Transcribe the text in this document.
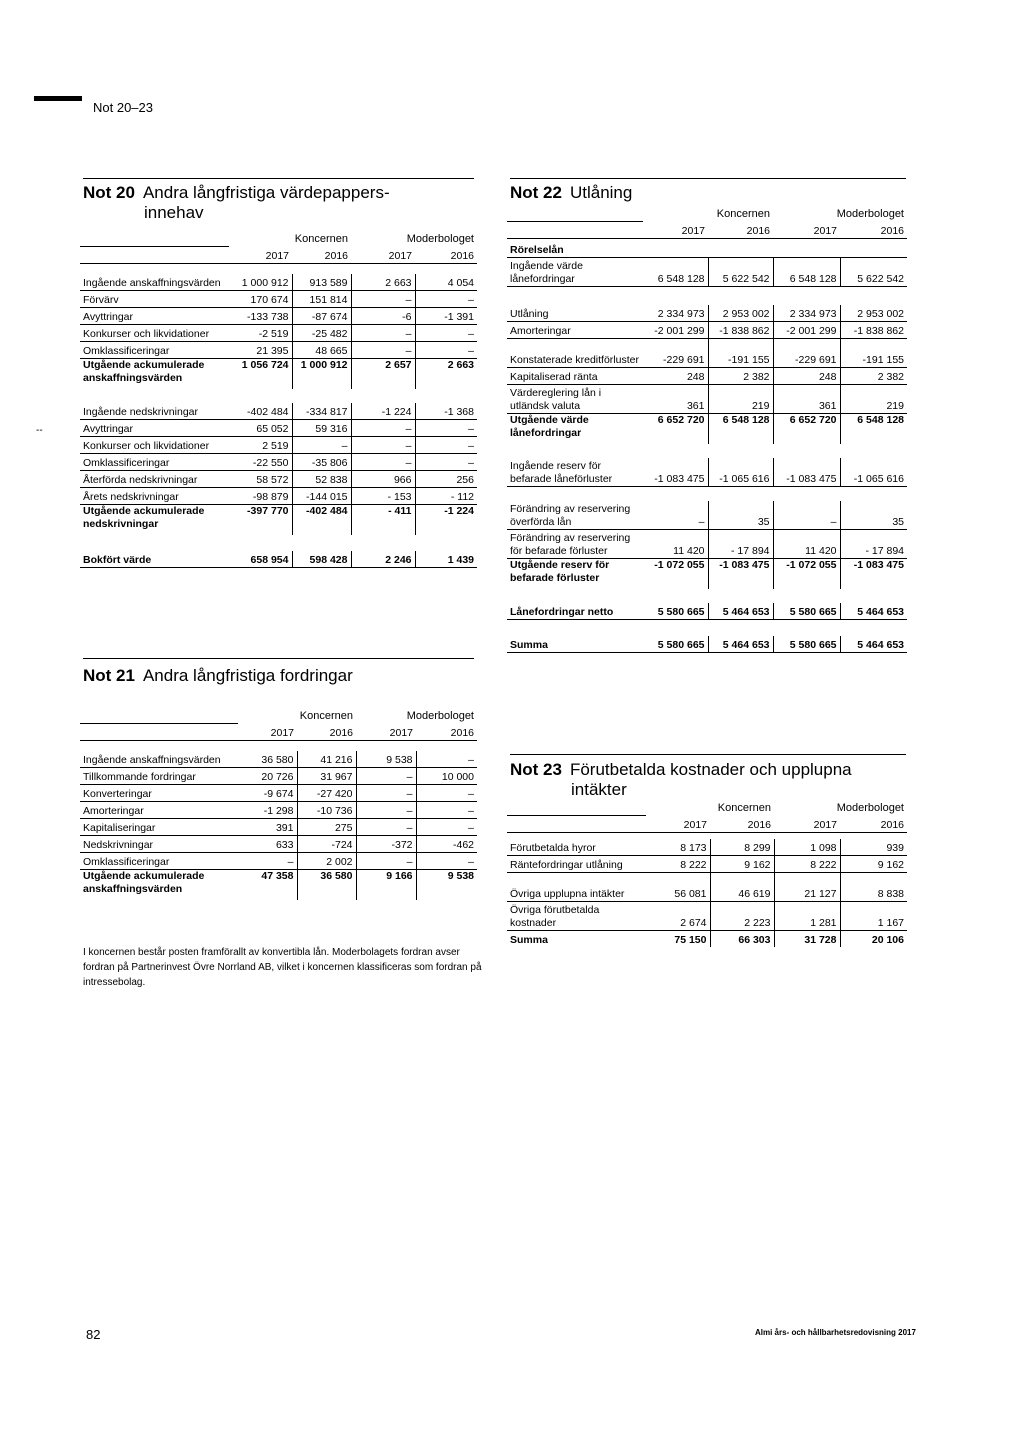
Not 20–23
--
Not 20 Andra långfristiga värdepappers-
innehav
	Koncernen		Moderbologet	
	2017	2016	2017	2016

Ingående anskaffningsvärden	1 000 912	913 589	2 663	4 054
Förvärv	170 674	151 814	–	–
Avyttringar	-133 738	-87 674	-6	-1 391
Konkurser och likvidationer	-2 519	-25 482	–	–
Omklassificeringar	21 395	48 665	–	–
Utgående ackumulerade anskaffningsvärden	1 056 724	1 000 912	2 657	2 663

Ingående nedskrivningar	-402 484	-334 817	-1 224	-1 368
Avyttringar	65 052	59 316	–	–
Konkurser och likvidationer	2 519	–	–	–
Omklassificeringar	-22 550	-35 806	–	–
Återförda nedskrivningar	58 572	52 838	966	256
Årets nedskrivningar	-98 879	-144 015	- 153	- 112
Utgående ackumulerade nedskrivningar	-397 770	-402 484	- 411	-1 224

Bokfört värde	658 954	598 428	2 246	1 439
Not 21 Andra långfristiga fordringar
	Koncernen		Moderbologet	
	2017	2016	2017	2016

Ingående anskaffningsvärden	36 580	41 216	9 538	–
Tillkommande fordringar	20 726	31 967	–	10 000
Konverteringar	-9 674	-27 420	–	–
Amorteringar	-1 298	-10 736	–	–
Kapitaliseringar	391	275	–	–
Nedskrivningar	633	-724	-372	-462
Omklassificeringar	–	2 002	–	–
Utgående ackumulerade anskaffningsvärden	47 358	36 580	9 166	9 538
I koncernen består posten framförallt av konvertibla lån. Moderbolagets fordran avser fordran på Partnerinvest Övre Norrland AB, vilket i koncernen klassificeras som fordran på intressebolag.
Not 22 Utlåning
	Koncernen		Moderbologet	
	2017	2016	2017	2016
Rörelselån				
Ingående värde lånefordringar	6 548 128	5 622 542	6 548 128	5 622 542

Utlåning	2 334 973	2 953 002	2 334 973	2 953 002
Amorteringar	-2 001 299	-1 838 862	-2 001 299	-1 838 862
Konstaterade kreditförluster	-229 691	-191 155	-229 691	-191 155
Kapitaliserad ränta	248	2 382	248	2 382
Värdereglering lån i utländsk valuta	361	219	361	219
Utgående värde lånefordringar	6 652 720	6 548 128	6 652 720	6 548 128

Ingående reserv för befarade låneförluster	-1 083 475	-1 065 616	-1 083 475	-1 065 616

Förändring av reservering överförda lån	–	35	–	35
Förändring av reservering för befarade förluster	11 420	- 17 894	11 420	- 17 894
Utgående reserv för befarade förluster	-1 072 055	-1 083 475	-1 072 055	-1 083 475

Lånefordringar netto	5 580 665	5 464 653	5 580 665	5 464 653

Summa	5 580 665	5 464 653	5 580 665	5 464 653
Not 23 Förutbetalda kostnader och upplupna
intäkter
	Koncernen		Moderbologet	
	2017	2016	2017	2016

Förutbetalda hyror	8 173	8 299	1 098	939
Räntefordringar utlåning	8 222	9 162	8 222	9 162
Övriga upplupna intäkter	56 081	46 619	21 127	8 838
Övriga förutbetalda kostnader	2 674	2 223	1 281	1 167
Summa	75 150	66 303	31 728	20 106
82	Almi års- och hållbarhetsredovisning 2017
